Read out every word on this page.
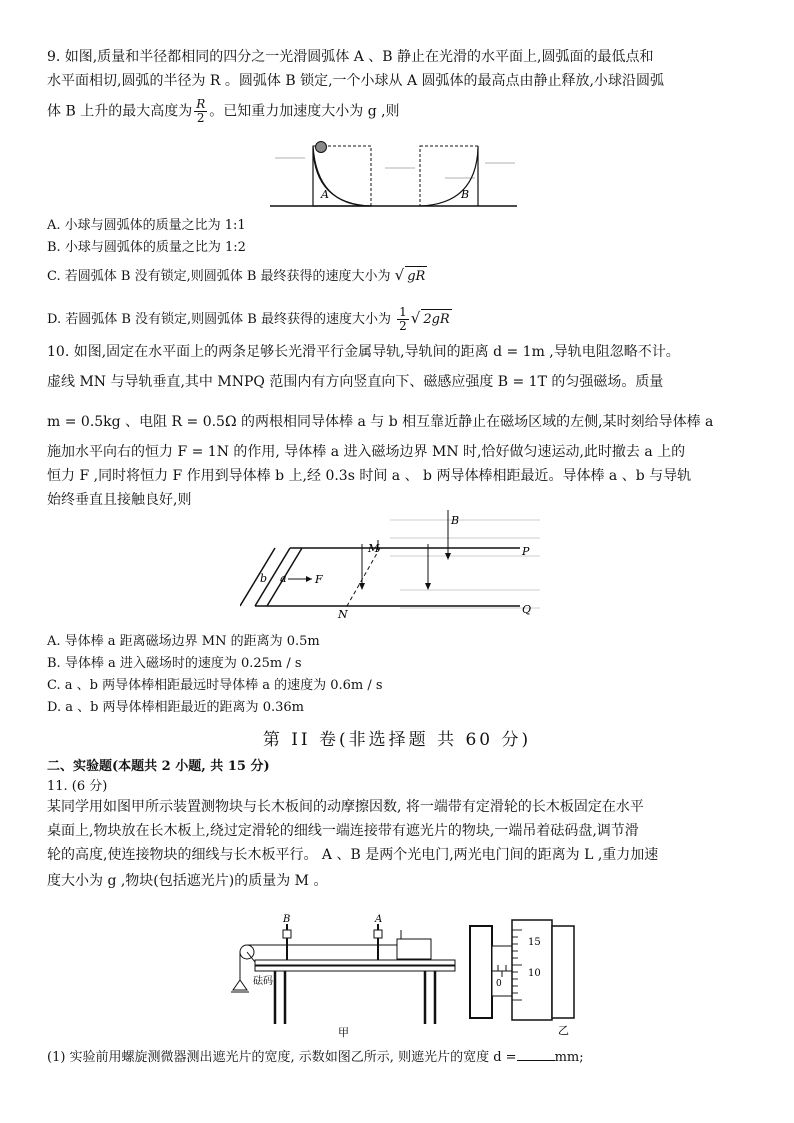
9. 如图,质量和半径都相同的四分之一光滑圆弧体 A 、B 静止在光滑的水平面上,圆弧面的最低点和
水平面相切,圆弧的半径为 R 。圆弧体 B 锁定,一个小球从 A 圆弧体的最高点由静止释放,小球沿圆弧
体 B 上升的最大高度为 $\frac{R}{2}$ 。已知重力加速度大小为 g ,则
A	B
A. 小球与圆弧体的质量之比为 1:1
B. 小球与圆弧体的质量之比为 1:2
C. 若圆弧体 B 没有锁定,则圆弧体 B 最终获得的速度大小为 √ gR
D. 若圆弧体 B 没有锁定,则圆弧体 B 最终获得的速度大小为 $\frac{1}{2}$ √ 2gR
10. 如图,固定在水平面上的两条足够长光滑平行金属导轨,导轨间的距离 d = 1m ,导轨电阻忽略不计。
虚线 MN 与导轨垂直,其中 MNPQ 范围内有方向竖直向下、磁感应强度 B = 1T 的匀强磁场。质量
m = 0.5kg 、电阻 R = 0.5Ω 的两根相同导体棒 a 与 b 相互靠近静止在磁场区域的左侧,某时刻给导体棒 a
施加水平向右的恒力 F = 1N 的作用, 导体棒 a 进入磁场边界 MN 时,恰好做匀速运动,此时撤去 a 上的
恒力 F ,同时将恒力 F 作用到导体棒 b 上,经 0.3s 时间 a 、 b 两导体棒相距最近。导体棒 a 、b 与导轨
始终垂直且接触良好,则
b a	F
M
N
B
P
Q
A. 导体棒 a 距离磁场边界 MN 的距离为 0.5m
B. 导体棒 a 进入磁场时的速度为 0.25m / s
C. a 、b 两导体棒相距最远时导体棒 a 的速度为 0.6m / s
D. a 、b 两导体棒相距最近的距离为 0.36m
第 II 卷(非选择题 共 60 分)
二、实验题(本题共 2 小题, 共 15 分)
11. (6 分)
某同学用如图甲所示装置测物块与长木板间的动摩擦因数, 将一端带有定滑轮的长木板固定在水平
桌面上,物块放在长木板上,绕过定滑轮的细线一端连接带有遮光片的物块,一端吊着砝码盘,调节滑
轮的高度,使连接物块的细线与长木板平行。 A 、B 是两个光电门,两光电门间的距离为 L ,重力加速
度大小为 g ,物块(包括遮光片)的质量为 M 。
砝码
B	A
甲
0
15
10
乙
(1) 实验前用螺旋测微器测出遮光片的宽度, 示数如图乙所示, 则遮光片的宽度 d =	mm;
